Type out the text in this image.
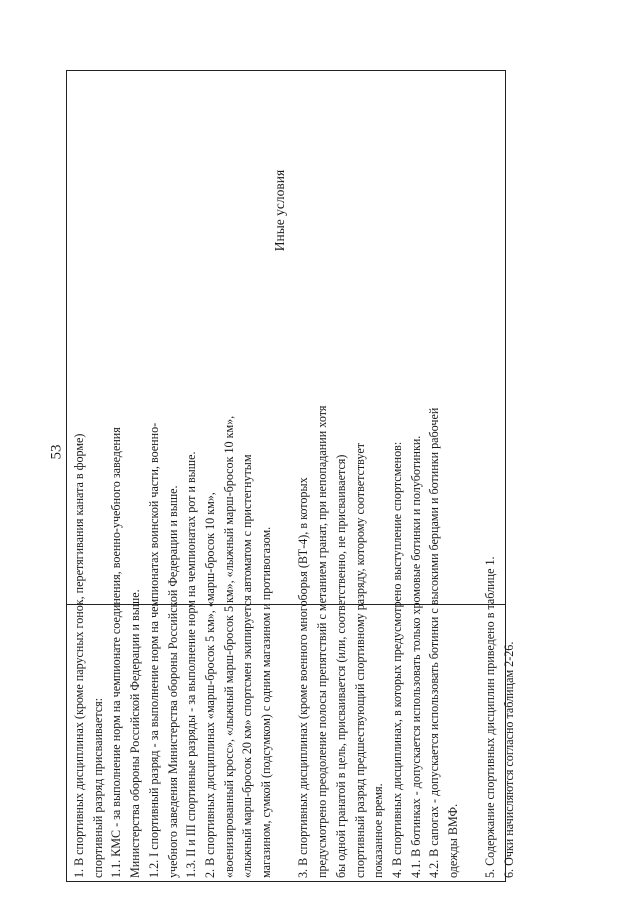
53 1. В спортивных дисциплинах (кроме парусных гонок, перетягивания каната в форме) спортивный разряд присваивается: 1.1. КМС - за выполнение норм на чемпионате соединения, военно-учебного заведения Министерства обороны Российской Федерации и выше. 1.2. I спортивный разряд - за выполнение норм на чемпионатах воинской части, военно- учебного заведения Министерства обороны Российской Федерации и выше. 1.3. II и III спортивные разряды - за выполнение норм на чемпионатах рот и выше. 2. В спортивных дисциплинах «марш-бросок 5 км», «марш-бросок 10 км», «военизированный кросс», «лыжный марш-бросок 5 км», «лыжный марш-бросок 10 км», «лыжный марш-бросок 20 км» спортсмен экипируется автоматом с пристегнутым магазином, сумкой (подсумком) с одним магазином и противогазом. 3. В спортивных дисциплинах (кроме военного многоборья (ВТ-4), в которых предусмотрено преодоление полосы препятствий с метанием гранат, при непопадании хотя бы одной гранатой в цель, присваивается (или, соответственно, не присваивается) спортивный разряд предшествующий спортивному разряду, которому соответствует показанное время. 4. В спортивных дисциплинах, в которых предусмотрено выступление спортсменов: 4.1. В ботинках - допускается использовать только хромовые ботинки и полуботинки. 4.2. В сапогах - допускается использовать ботинки с высокими берцами и ботинки рабочей одежды ВМФ. 5. Содержание спортивных дисциплин приведено в таблице 1. 6. Очки начисляются согласно таблицам 2-26.
Иные условия
